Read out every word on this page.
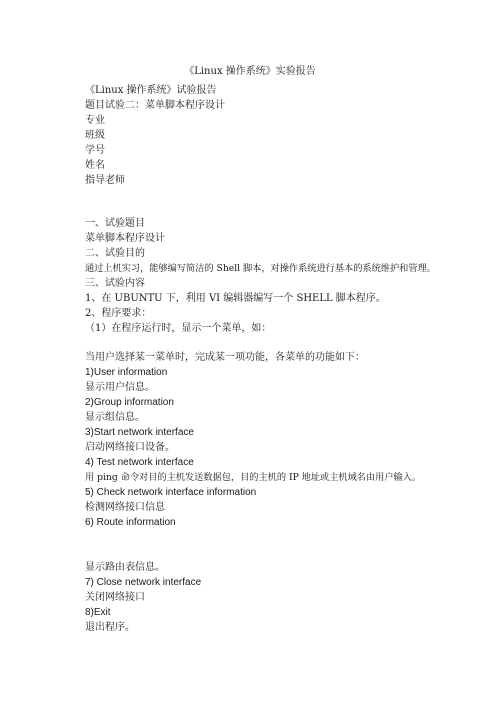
《Linux 操作系统》实验报告
《Linux 操作系统》试验报告
题目试验二：菜单脚本程序设计
专业
班级
学号
姓名
指导老师
一、试验题目
菜单脚本程序设计
二、试验目的
通过上机实习，能够编写简洁的 Shell 脚本，对操作系统进行基本的系统维护和管理。
三、试验内容
1、在 UBUNTU 下，利用 VI 编辑器编写一个 SHELL 脚本程序。
2、程序要求：
（1）在程序运行时，显示一个菜单，如：
当用户选择某一菜单时，完成某一项功能，各菜单的功能如下：
1)User information
显示用户信息。
2)Group information
显示组信息。
3)Start network interface
启动网络接口设备。
4) Test network interface
用 ping 命令对目的主机发送数据包，目的主机的 IP 地址或主机域名由用户输入。
5) Check network interface information
检测网络接口信息
6) Route information
显示路由表信息。
7) Close network interface
关闭网络接口
8)Exit
退出程序。
